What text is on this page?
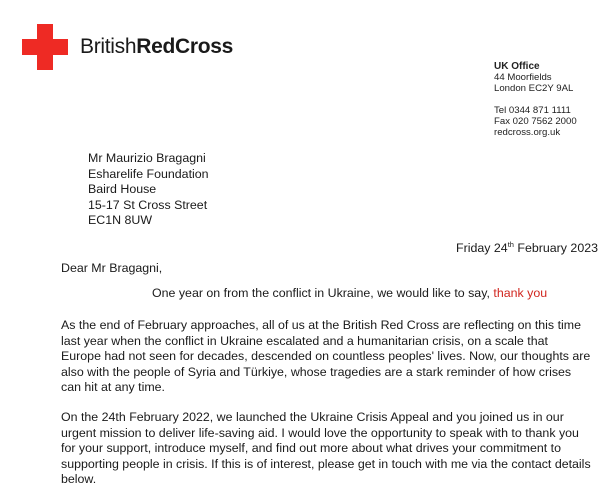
BritishRedCross
UK Office
44 Moorfields
London EC2Y 9AL
Tel 0344 871 1111
Fax 020 7562 2000
redcross.org.uk
Mr Maurizio Bragagni
Esharelife Foundation
Baird House
15-17 St Cross Street
EC1N 8UW
Friday 24th February 2023
Dear Mr Bragagni,
One year on from the conflict in Ukraine, we would like to say, thank you

As the end of February approaches, all of us at the British Red Cross are reflecting on this time last year when the conflict in Ukraine escalated and a humanitarian crisis, on a scale that Europe had not seen for decades, descended on countless peoples' lives. Now, our thoughts are also with the people of Syria and Türkiye, whose tragedies are a stark reminder of how crises can hit at any time.

On the 24th February 2022, we launched the Ukraine Crisis Appeal and you joined us in our urgent mission to deliver life-saving aid. I would love the opportunity to speak with to thank you for your support, introduce myself, and find out more about what drives your commitment to supporting people in crisis. If this is of interest, please get in touch with me via the contact details below.
